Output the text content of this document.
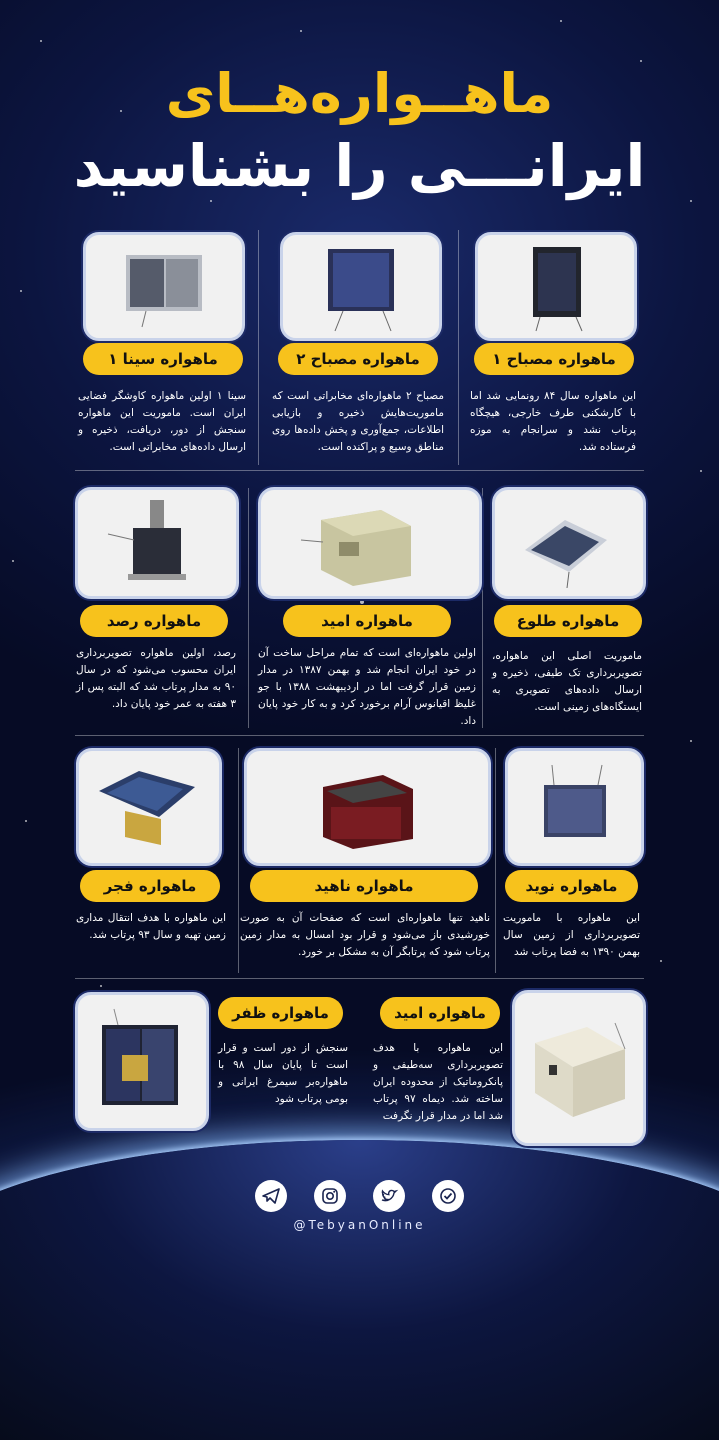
ماهــواره‌هــای
ایرانـــی را بشناسید
ماهواره مصباح ۱
این ماهواره سال ۸۴ رونمایی شد اما با کارشکنی طرف خارجی، هیچگاه پرتاب نشد و سرانجام به موزه فرستاده شد.
ماهواره مصباح ۲
مصباح ۲ ماهواره‌ای مخابراتی است که ماموریت‌هایش ذخیره و بازیابی اطلاعات، جمع‌آوری و پخش داده‌ها روی مناطق وسیع و پراکنده است.
ماهواره سینا ۱
سینا ۱ اولین ماهواره کاوشگر فضایی ایران است. ماموریت این ماهواره سنجش از دور، دریافت، ذخیره و ارسال داده‌های مخابراتی است.
ماهواره طلوع
ماموریت اصلی این ماهواره، تصویربرداری تک طیفی، ذخیره و ارسال داده‌های تصویری به ایستگاه‌های زمینی است.
ماهواره امید
اولین ماهواره‌ای است که تمام مراحل ساخت آن در خود ایران انجام شد و بهمن ۱۳۸۷ در مدار زمین قرار گرفت اما در اردیبهشت ۱۳۸۸ با جو غلیظ اقیانوس آرام برخورد کرد و به کار خود پایان داد.
ماهواره رصد
رصد، اولین ماهواره تصویربرداری ایران محسوب می‌شود که در سال ۹۰ به مدار پرتاب شد که البته پس از ۳ هفته به عمر خود پایان داد.
ماهواره نوید
این ماهواره با ماموریت تصویربرداری از زمین سال بهمن ۱۳۹۰ به فضا پرتاب شد
ماهواره ناهید
ناهید تنها ماهواره‌ای است که صفحات آن به صورت خورشیدی باز می‌شود و قرار بود امسال به مدار زمین پرتاب شود که پرتابگر آن به مشکل بر خورد.
ماهواره فجر
این ماهواره با هدف انتقال مداری زمین تهیه و سال ۹۳ پرتاب شد.
ماهواره امید
این ماهواره با هدف تصویربرداری سه‌طیفی و پانکروماتیک از محدوده ایران ساخته شد. دیماه ۹۷ پرتاب شد اما در مدار قرار نگرفت
ماهواره ظفر
سنجش از دور است و قرار است تا پایان سال ۹۸ با ماهواره‌بر سیمرغ ایرانی و بومی پرتاب شود

@TebyanOnline
